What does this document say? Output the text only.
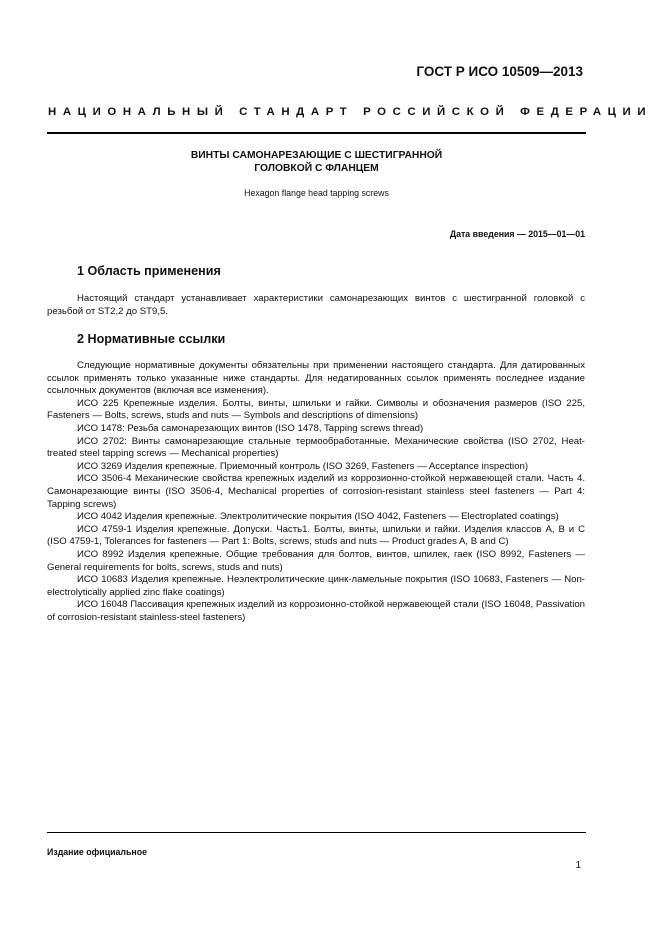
ГОСТ Р ИСО 10509—2013
НАЦИОНАЛЬНЫЙ СТАНДАРТ РОССИЙСКОЙ ФЕДЕРАЦИИ
ВИНТЫ САМОНАРЕЗАЮЩИЕ С ШЕСТИГРАННОЙ
ГОЛОВКОЙ С ФЛАНЦЕМ
Hexagon flange head tapping screws
Дата введения — 2015—01—01
1 Область применения

Настоящий стандарт устанавливает характеристики самонарезающих винтов с шестигранной головкой с резьбой от ST2,2 до ST9,5.

2 Нормативные ссылки

Следующие нормативные документы обязательны при применении настоящего стандарта. Для датированных ссылок применять только указанные ниже стандарты. Для недатированных ссылок применять последнее издание ссылочных документов (включая все изменения).

ИСО 225 Крепежные изделия. Болты, винты, шпильки и гайки. Символы и обозначения размеров (ISO 225, Fasteners — Bolts, screws, studs and nuts — Symbols and descriptions of dimensions)

ИСО 1478: Резьба самонарезающих винтов (ISO 1478, Tapping screws thread)

ИСО 2702: Винты самонарезающие стальные термообработанные. Механические свойства (ISO 2702, Heat-treated steel tapping screws — Mechanical properties)

ИСО 3269 Изделия крепежные. Приемочный контроль (ISO 3269, Fasteners — Acceptance inspection)

ИСО 3506-4 Механические свойства крепежных изделий из коррозионно-стойкой нержавеющей стали. Часть 4. Самонарезающие винты (ISO 3506-4, Mechanical properties of corrosion-resistant stainless steel fasteners — Part 4: Tapping screws)

ИСО 4042 Изделия крепежные. Электролитические покрытия (ISO 4042, Fasteners — Electroplated coatings)

ИСО 4759-1 Изделия крепежные. Допуски. Часть1. Болты, винты, шпильки и гайки. Изделия классов А, В и С (ISO 4759-1, Tolerances for fasteners — Part 1: Bolts, screws, studs and nuts — Product grades A, B and C)

ИСО 8992 Изделия крепежные. Общие требования для болтов, винтов, шпилек, гаек (ISO 8992, Fasteners — General requirements for bolts, screws, studs and nuts)

ИСО 10683 Изделия крепежные. Неэлектролитические цинк-ламельные покрытия (ISO 10683, Fasteners — Non-electrolytically applied zinc flake coatings)

ИСО 16048 Пассивация крепежных изделий из коррозионно-стойкой нержавеющей стали (ISO 16048, Passivation of corrosion-resistant stainless-steel fasteners)

Издание официальное
1
